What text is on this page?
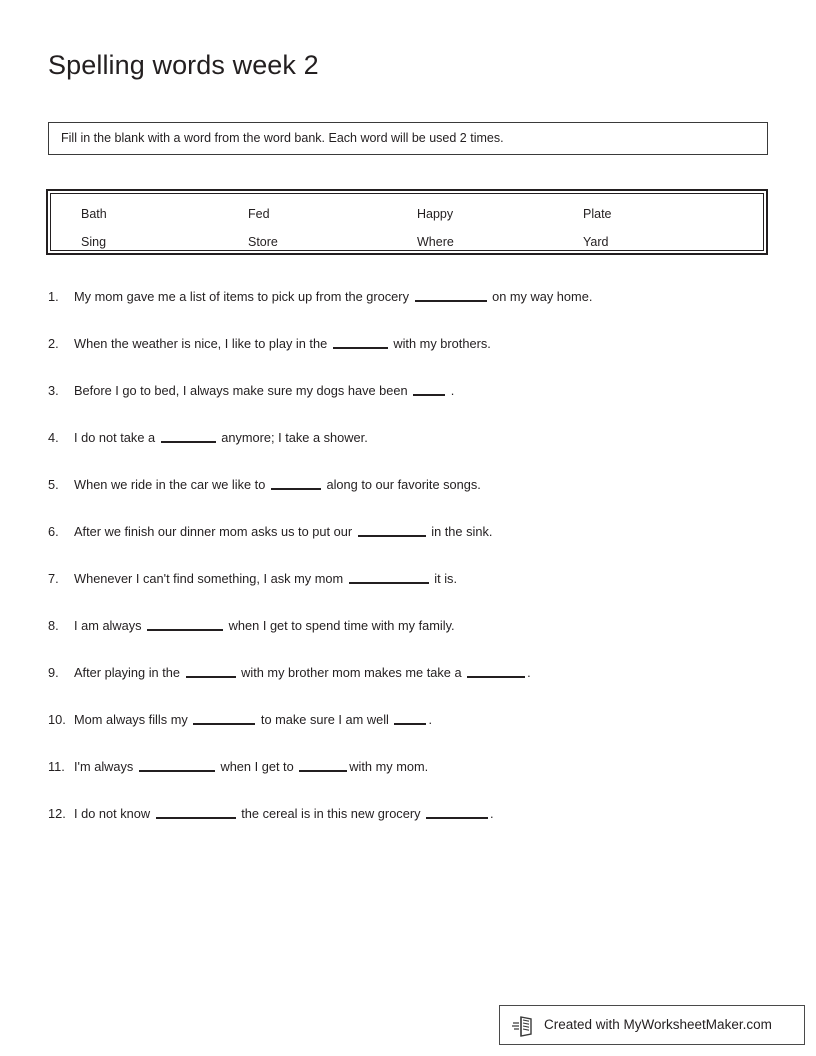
Spelling words week 2
Fill in the blank with a word from the word bank. Each word will be used 2 times.
Bath	Fed	Happy	Plate
Sing	Store	Where	Yard
1. My mom gave me a list of items to pick up from the grocery	on my way home.
2. When the weather is nice, I like to play in the	with my brothers.
3. Before I go to bed, I always make sure my dogs have been	.
4. I do not take a	anymore; I take a shower.
5. When we ride in the car we like to	along to our favorite songs.
6. After we finish our dinner mom asks us to put our	in the sink.
7. Whenever I can't find something, I ask my mom	it is.
8. I am always	when I get to spend time with my family.
9. After playing in the	with my brother mom makes me take a	.
10. Mom always fills my	to make sure I am well	.
11. I'm always	when I get to	with my mom.
12. I do not know	the cereal is in this new grocery	.
Created with MyWorksheetMaker.com
